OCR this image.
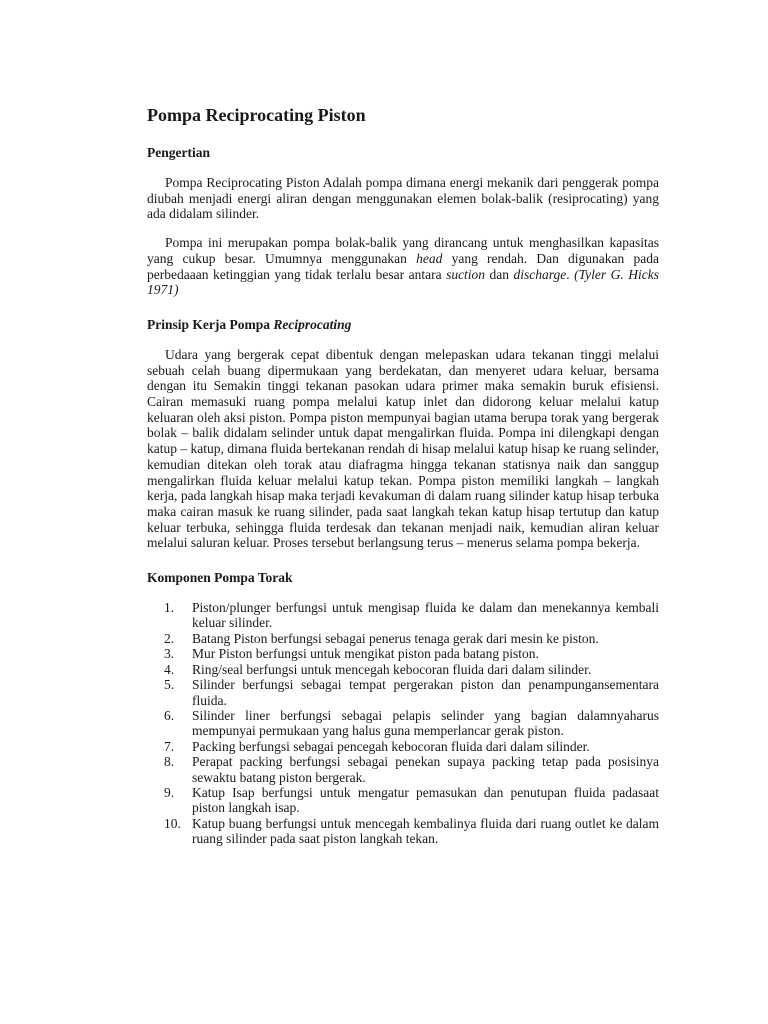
Pompa Reciprocating Piston
Pengertian

Pompa Reciprocating Piston Adalah pompa dimana energi mekanik dari penggerak pompa diubah menjadi energi aliran dengan menggunakan elemen bolak-balik (resiprocating) yang ada didalam silinder.

Pompa ini merupakan pompa bolak-balik yang dirancang untuk menghasilkan kapasitas yang cukup besar. Umumnya menggunakan head yang rendah. Dan digunakan pada perbedaaan ketinggian yang tidak terlalu besar antara suction dan discharge. (Tyler G. Hicks 1971)

Prinsip Kerja Pompa Reciprocating

Udara yang bergerak cepat dibentuk dengan melepaskan udara tekanan tinggi melalui sebuah celah buang dipermukaan yang berdekatan, dan menyeret udara keluar, bersama dengan itu Semakin tinggi tekanan pasokan udara primer maka semakin buruk efisiensi. Cairan memasuki ruang pompa melalui katup inlet dan didorong keluar melalui katup keluaran oleh aksi piston. Pompa piston mempunyai bagian utama berupa torak yang bergerak bolak – balik didalam selinder untuk dapat mengalirkan fluida. Pompa ini dilengkapi dengan katup – katup, dimana fluida bertekanan rendah di hisap melalui katup hisap ke ruang selinder, kemudian ditekan oleh torak atau diafragma hingga tekanan statisnya naik dan sanggup mengalirkan fluida keluar melalui katup tekan. Pompa piston memiliki langkah – langkah kerja, pada langkah hisap maka terjadi kevakuman di dalam ruang silinder katup hisap terbuka maka cairan masuk ke ruang silinder, pada saat langkah tekan katup hisap tertutup dan katup keluar terbuka, sehingga fluida terdesak dan tekanan menjadi naik, kemudian aliran keluar melalui saluran keluar. Proses tersebut berlangsung terus – menerus selama pompa bekerja.

Komponen Pompa Torak
1.	Piston/plunger berfungsi untuk mengisap fluida ke dalam dan menekannya kembali keluar silinder.
2.	Batang Piston berfungsi sebagai penerus tenaga gerak dari mesin ke piston.
3.	Mur Piston berfungsi untuk mengikat piston pada batang piston.
4.	Ring/seal berfungsi untuk mencegah kebocoran fluida dari dalam silinder.
5.	Silinder berfungsi sebagai tempat pergerakan piston dan penampungansementara fluida.
6.	Silinder liner berfungsi sebagai pelapis selinder yang bagian dalamnyaharus mempunyai permukaan yang halus guna memperlancar gerak piston.
7.	Packing berfungsi sebagai pencegah kebocoran fluida dari dalam silinder.
8.	Perapat packing berfungsi sebagai penekan supaya packing tetap pada posisinya sewaktu batang piston bergerak.
9.	Katup Isap berfungsi untuk mengatur pemasukan dan penutupan fluida padasaat piston langkah isap.
10. Katup buang berfungsi untuk mencegah kembalinya fluida dari ruang outlet ke dalam ruang silinder pada saat piston langkah tekan.
